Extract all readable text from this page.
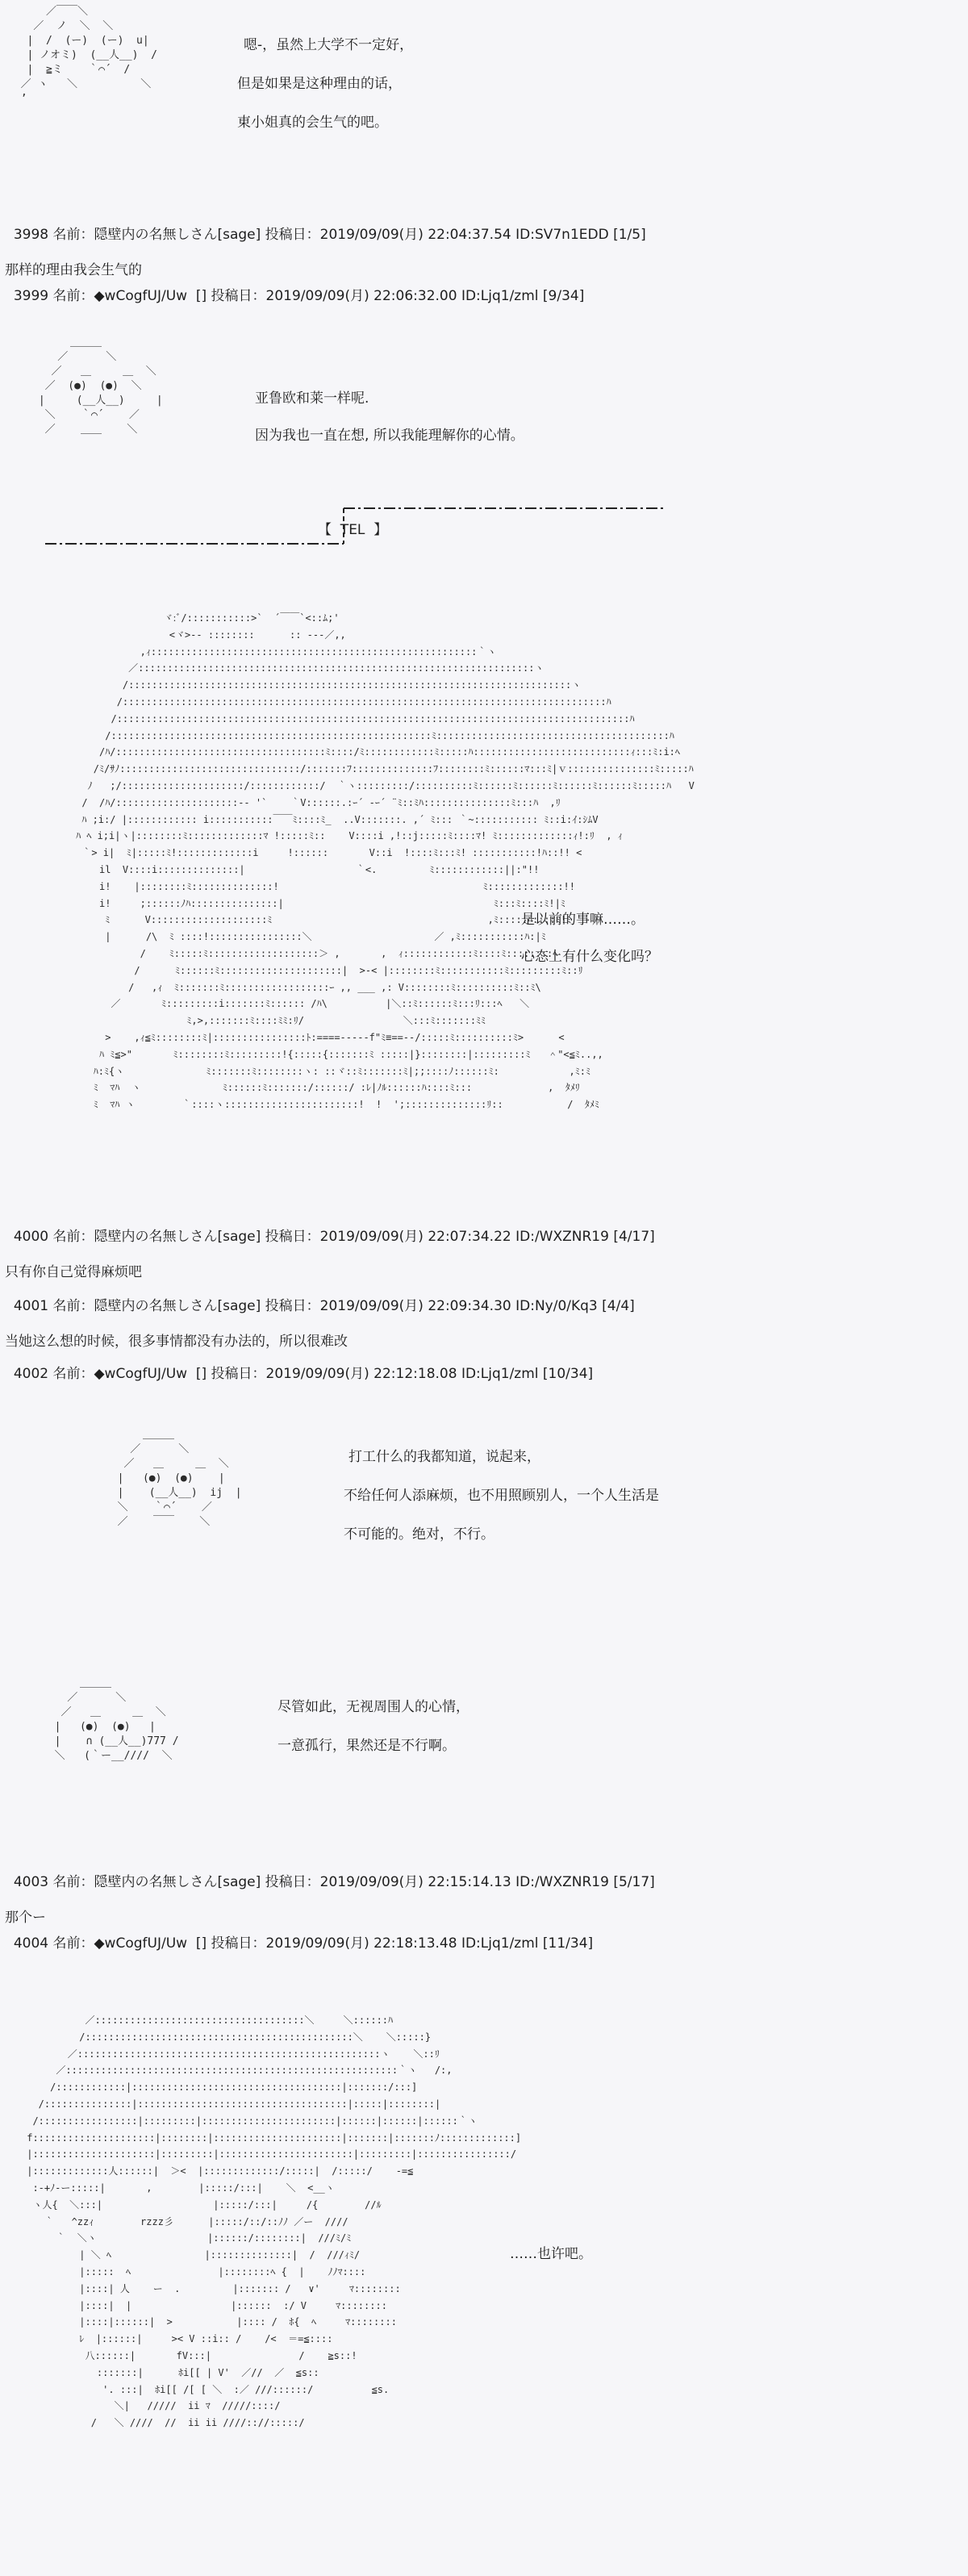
／￣￣＼
／  ノ  ＼  ＼
|  /  (ー)  (ー)  u|
| ノオミ)  (__人__)  /
|  ≧ミ    ｀⌒´  /
／ ヽ   ＼          ＼
’
嗯-，虽然上大学不一定好，
但是如果是这种理由的话，
東小姐真的会生气的吧。

3998 名前：隠壁内の名無しさん[sage] 投稿日：2019/09/09(月) 22:04:37.54 ID:SV7n1EDD [1/5]

那样的理由我会生气的

3999 名前：◆wCogfUJ/Uw  [] 投稿日：2019/09/09(月) 22:06:32.00 ID:Ljq1/zml [9/34]

＿＿＿
／      ＼
／   ＿     ＿  ＼
／  (●)  (●)  ＼
|     (__人__)     |
＼    ｀⌒´    ／
／    ＿＿    ＼
亚鲁欧和莱一样呢.
因为我也一直在想, 所以我能理解你的心情。
【  TEL  】
ヾ:ﾞ/:::::::::::>`  ´￣￣`<::ﾑ;'
<ヾ>-- ::::::::      :: ---／,,
,ｨ::::::::::::::::::::::::::::::::::::::::::::::::::::::::｀ヽ
／::::::::::::::::::::::::::::::::::::::::::::::::::::::::::::::::::::ヽ
/::::::::::::::::::::::::::::::::::::::::::::::::::::::::::::::::::::::::::::ヽ
/:::::::::::::::::::::::::::::::::::::::::::::::::::::::::::::::::::::::::::::::::::ﾊ
/::::::::::::::::::::::::::::::::::::::::::::::::::::::::::::::::::::::::::::::::::::::::ﾊ
/:::::::::::::::::::::::::::::::::::::::::::::::::::::::ﾐ::::::::::::::::::::::::::::::::::::::::ﾊ
/ﾊ/::::::::::::::::::::::::::::::::::::ﾐ::::/ﾐ::::::::::::ﾐ:::::ﾊ:::::::::::::::::::::::::::ｨ:::ﾐ:i:ﾍ
/ﾐ/ｻﾉ:::::::::::::::::::::::::::::::/:::::::ﾌ::::::::::::::ﾌ::::::::ﾐ::::::ﾏ:::ﾐ|ｖ:::::::::::::::ﾐ:::::ﾊ
ﾉ   ;/:::::::::::::::::::::/::::::::::::/  ｀ヽ:::::::::/::::::::::ﾐ::::::ﾐ::::::ﾐ::::::ﾐ::::::ﾐ:::::ﾊ   V
/  /ﾊ/:::::::::::::::::::::-- '`    ｀V::::::.:ｰ´ -ｰ´ ¨ﾐ::ﾐﾊ:::::::::::::::ﾐ:::ﾊ  ,ﾘ
ﾊ ;i:/ |:::::::::::: i:::::::::::￣￣ﾐ::::ﾐ_  ..V:::::::. ,´ ﾐ::: ｀~::::::::::: ﾐ::i:ｲ:ｼﾑV
ﾊ ﾍ i;i|ヽ|::::::::ﾐ:::::::::::::ﾏ !:::::ﾐ::    V::::i ,!::j:::::ﾐ::::ﾏ! ﾐ:::::::::::::ｨ!:ﾘ  , ｨ
｀> i|  ﾐ|:::::ﾐ!:::::::::::::i     !::::::       V::i  !::::ﾐ:::ﾐ! :::::::::::!ﾊ::!! <
il  V::::i::::::::::::::|                   ｀<.         ﾐ::::::::::::||:"!!
i!    |::::::::ﾐ::::::::::::::!                                   ﾐ:::::::::::::!!
i!     ;::::::ﾉﾊ:::::::::::::::|                                    ﾐ:::ﾐ::::ﾐ!|ﾐ
ﾐ      V::::::::::::::::::::ﾐ                                     ,ﾐ:::::ﾊ::::ﾐ!ﾐ
|      /\  ﾐ ::::!::::::::::::::::＼                     ／ ,ﾐ:::::::::::ﾊ:|ﾐ
/    ﾐ:::::ﾐ:::::::::::::::::::＞ ,       ,  ｨ::::::::::::ﾐ::::ﾐ::::::::ﾍ
/      ﾐ::::::ﾐ:::::::::::::::::::::|  >-< |::::::::ﾐ:::::::::::ﾐ:::::::::ﾐ::ﾘ
/   ,ｨ  ﾐ:::::::ﾐ::::::::::::::::::ｰ ,, ___ ,: V::::::::ﾐ::::::::::ﾐ::ﾐ\
／       ﾐ:::::::::i:::::::ﾐ:::::: /ﾊ\          |＼::ﾐ::::::ﾐ:::ﾘ:::ﾍ   ＼
ﾐ,>,:::::::ﾐ::::ﾐﾐ:ﾘ/                 ＼:::ﾐ:::::::ﾐﾐ
>    ,ｨ≦ﾐ::::::::ﾐ|::::::::::::::::ﾄ:====-----f"ﾐ≡==--/:::::ﾐ::::::::::ﾐ>      <
ﾊ ﾐ≦>"       ﾐ::::::::ﾐ:::::::::!{:::::{:::::::ﾐ :::::|}::::::::|:::::::::ﾐ   ＾"<≦ﾐ..,,
ﾊ:ﾐ{ヽ              ﾐ:::::::ﾐ::::::::ヽ: ::ヾ::ﾐ:::::::ﾐ|;;::::ﾉ::::::ﾐ:            ,ﾐ:ﾐ
ﾐ  ﾏﾊ  ヽ              ﾐ::::::ﾐ:::::::/::::::/ :ﾚ|ﾉﾙ::::::ﾊ::::ﾐ:::             ,  ﾀﾒﾘ
ﾐ  ﾏﾊ ヽ        ｀::::ヽ:::::::::::::::::::::::!  !  ';::::::::::::::ﾘ::           /  ﾀﾒﾐ
是以前的事嘛……。
心态上有什么变化吗？

4000 名前：隠壁内の名無しさん[sage] 投稿日：2019/09/09(月) 22:07:34.22 ID:/WXZNR19 [4/17]

只有你自己觉得麻烦吧

4001 名前：隠壁内の名無しさん[sage] 投稿日：2019/09/09(月) 22:09:34.30 ID:Ny/0/Kq3 [4/4]

当她这么想的时候，很多事情都没有办法的，所以很难改

4002 名前：◆wCogfUJ/Uw  [] 投稿日：2019/09/09(月) 22:12:18.08 ID:Ljq1/zml [10/34]

＿＿＿
／      ＼
／   ＿     ＿  ＼
|   (●)  (●)    |
|    (__人__)  ij  |
＼    ｀⌒´    ／
／    ￣￣    ＼
打工什么的我都知道，说起来，
不给任何人添麻烦，也不用照顾别人，一个人生活是
不可能的。绝对，不行。
＿＿＿
／      ＼
／   ＿     ＿  ＼
|   (●)  (●)   |
|    ∩ (__人__)777 /
＼   (｀ー__////  ＼
尽管如此，无视周围人的心情，
一意孤行，果然还是不行啊。

4003 名前：隠壁内の名無しさん[sage] 投稿日：2019/09/09(月) 22:15:14.13 ID:/WXZNR19 [5/17]

那个ー

4004 名前：◆wCogfUJ/Uw  [] 投稿日：2019/09/09(月) 22:18:13.48 ID:Ljq1/zml [11/34]

／::::::::::::::::::::::::::::::::::::＼     ＼::::::ﾊ
/::::::::::::::::::::::::::::::::::::::::::::::＼    ＼:::::}
／::::::::::::::::::::::::::::::::::::::::::::::::::::ヽ    ＼::ﾘ
／:::::::::::::::::::::::::::::::::::::::::::::::::::::::::｀ヽ   /:,
/::::::::::::|::::::::::::::::::::::::::::::::::::|:::::::/:::]
/:::::::::::::::|::::::::::::::::::::::::::::::::::::|:::::|::::::::|
/:::::::::::::::::|:::::::::|:::::::::::::::::::::::|::::::|::::::|::::::｀ヽ
f:::::::::::::::::::::|::::::::|::::::::::::::::::::::|:::::::|:::::::ﾉ:::::::::::::]
|:::::::::::::::::::::|:::::::::|:::::::::::::::::::::::|:::::::::|::::::::::::::::/
|:::::::::::::人::::::|  ＞<  |:::::::::::::/:::::|  /:::::/    -=≦
:-+ﾉ-ー:::::|       ,        |:::::/:::|    ＼  <__ヽ
ヽ人{  ＼:::|                   |:::::/:::|     /{        //ﾙ
｀   ^zzｨ        rzzz彡      |:::::/::/::ﾉﾉ ／ー  ////
｀  ＼ヽ                   |::::::/::::::::|  ///ﾐ/ﾐ
| ＼ ﾍ                |::::::::::::::|  /  ///ｨﾐ/
|:::::  ﾍ               |::::::::ﾍ {  |    ﾉﾉﾏ::::
|::::| 人    ー  .         |::::::: /   ∨'     ﾏ::::::::
|::::|  |                 |::::::  :/ V     ﾏ::::::::
|::::|::::::|  >           |:::: /  ﾎ{  ﾍ     ﾏ::::::::
ﾚ  |::::::|     >< V ::i:: /    /<  ＝=≦::::
八::::::|       fV:::|               /    ≧s::!
:::::::|      ﾎi[[ | V'  ／//  ／  ≦s::
'. :::|  ﾎi[[ /[ [ ＼  :／ ///::::::/          ≦s.
＼|   /////  ii ﾏ  /////::::/
/   ＼ ////  //  ii ii ////:://:::::/
……也许吧。
